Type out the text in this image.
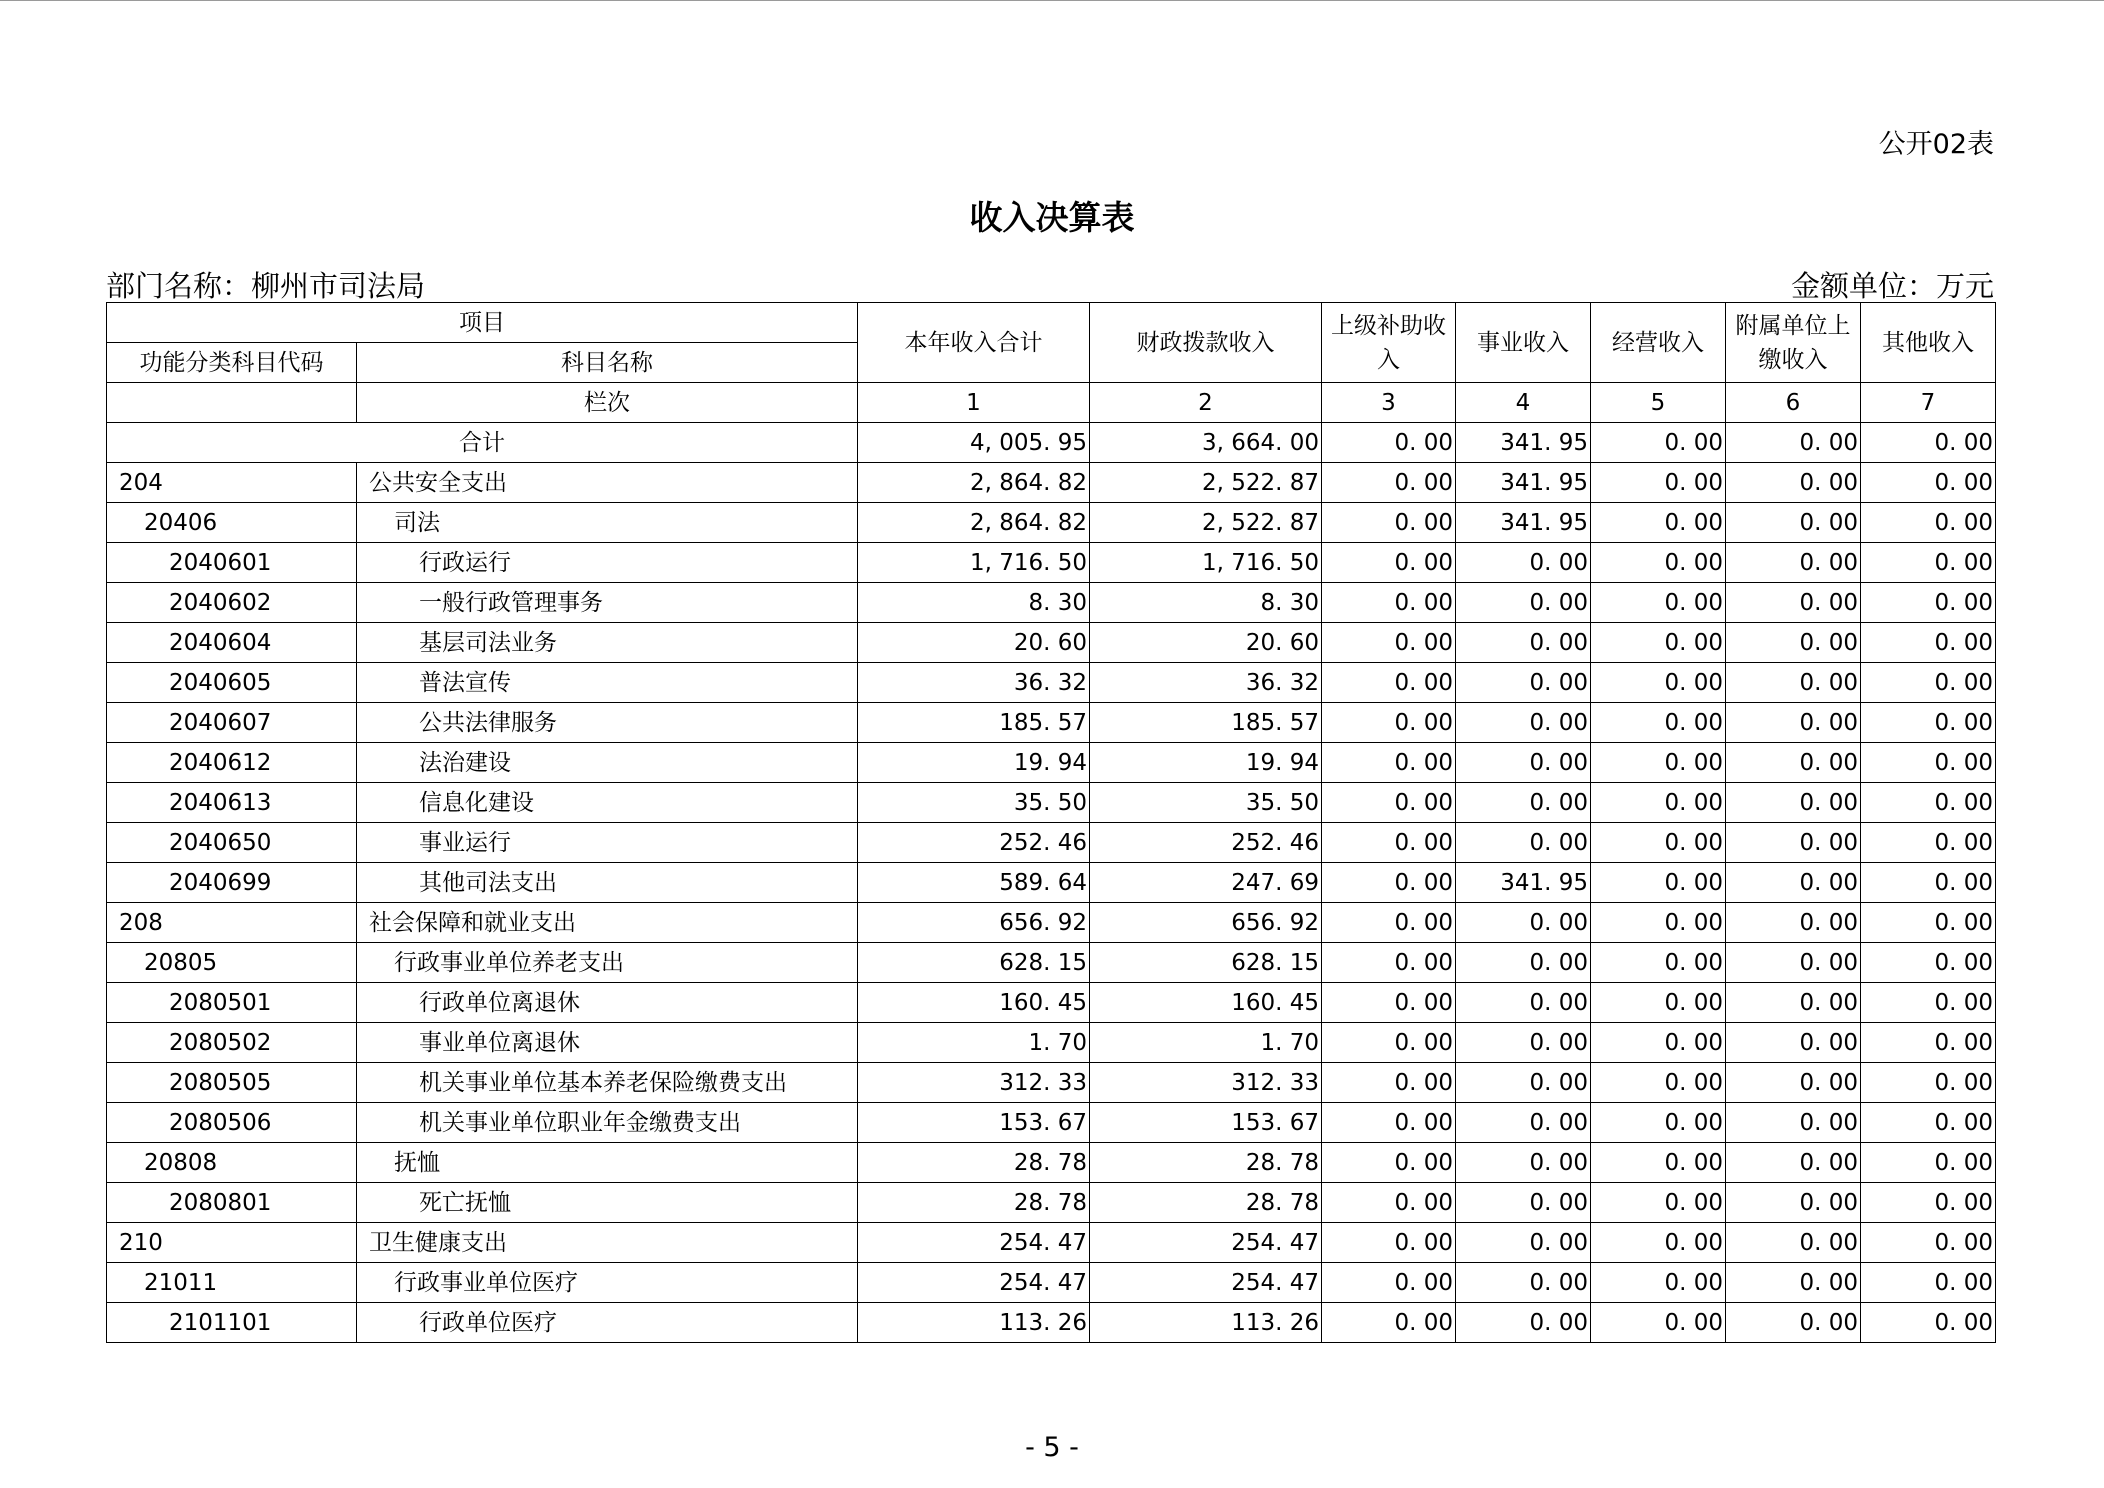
公开02表
收入决算表
部门名称：柳州市司法局	金额单位：万元
项目		本年收入合计	财政拨款收入	上级补助收入	事业收入	经营收入	附属单位上缴收入	其他收入
功能分类科目代码	科目名称							
	栏次	1	2	3	4	5	6	7
合计		4, 005. 95	3, 664. 00	0. 00	341. 95	0. 00	0. 00	0. 00
204	公共安全支出	2, 864. 82	2, 522. 87	0. 00	341. 95	0. 00	0. 00	0. 00
20406	司法	2, 864. 82	2, 522. 87	0. 00	341. 95	0. 00	0. 00	0. 00
2040601	行政运行	1, 716. 50	1, 716. 50	0. 00	0. 00	0. 00	0. 00	0. 00
2040602	一般行政管理事务	8. 30	8. 30	0. 00	0. 00	0. 00	0. 00	0. 00
2040604	基层司法业务	20. 60	20. 60	0. 00	0. 00	0. 00	0. 00	0. 00
2040605	普法宣传	36. 32	36. 32	0. 00	0. 00	0. 00	0. 00	0. 00
2040607	公共法律服务	185. 57	185. 57	0. 00	0. 00	0. 00	0. 00	0. 00
2040612	法治建设	19. 94	19. 94	0. 00	0. 00	0. 00	0. 00	0. 00
2040613	信息化建设	35. 50	35. 50	0. 00	0. 00	0. 00	0. 00	0. 00
2040650	事业运行	252. 46	252. 46	0. 00	0. 00	0. 00	0. 00	0. 00
2040699	其他司法支出	589. 64	247. 69	0. 00	341. 95	0. 00	0. 00	0. 00
208	社会保障和就业支出	656. 92	656. 92	0. 00	0. 00	0. 00	0. 00	0. 00
20805	行政事业单位养老支出	628. 15	628. 15	0. 00	0. 00	0. 00	0. 00	0. 00
2080501	行政单位离退休	160. 45	160. 45	0. 00	0. 00	0. 00	0. 00	0. 00
2080502	事业单位离退休	1. 70	1. 70	0. 00	0. 00	0. 00	0. 00	0. 00
2080505	机关事业单位基本养老保险缴费支出	312. 33	312. 33	0. 00	0. 00	0. 00	0. 00	0. 00
2080506	机关事业单位职业年金缴费支出	153. 67	153. 67	0. 00	0. 00	0. 00	0. 00	0. 00
20808	抚恤	28. 78	28. 78	0. 00	0. 00	0. 00	0. 00	0. 00
2080801	死亡抚恤	28. 78	28. 78	0. 00	0. 00	0. 00	0. 00	0. 00
210	卫生健康支出	254. 47	254. 47	0. 00	0. 00	0. 00	0. 00	0. 00
21011	行政事业单位医疗	254. 47	254. 47	0. 00	0. 00	0. 00	0. 00	0. 00
2101101	行政单位医疗	113. 26	113. 26	0. 00	0. 00	0. 00	0. 00	0. 00
- 5 -
